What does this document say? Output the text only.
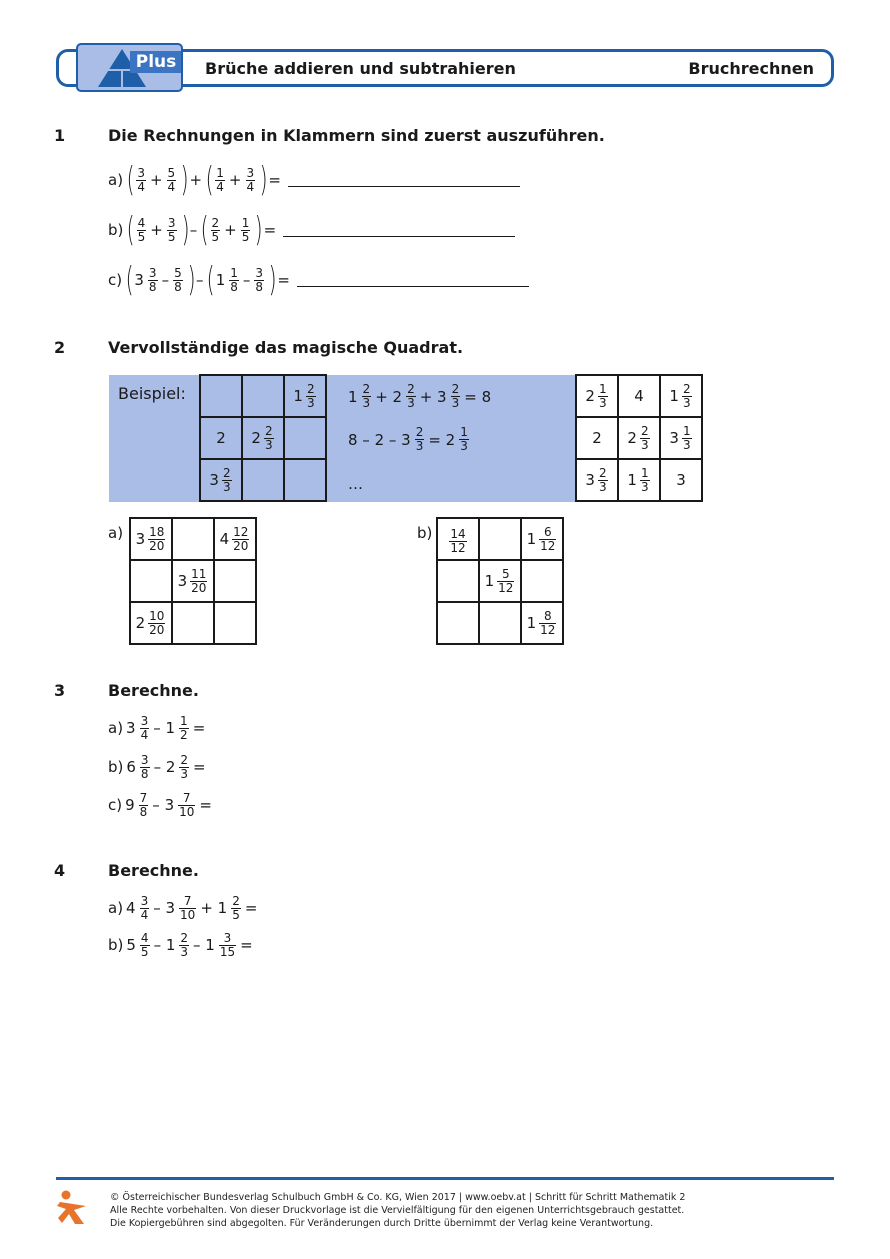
Plus	Brüche addieren und subtrahieren	Bruchrechnen
1	Die Rechnungen in Klammern sind zuerst auszuführen.
a) ( $\frac{3}{4} + \frac{5}{4}$ ) + ( $\frac{1}{4} + \frac{3}{4}$ ) =
b) ( $\frac{4}{5} + \frac{3}{5}$ ) – ( $\frac{2}{5} + \frac{1}{5}$ ) =
c) ( $3 \frac{3}{8} - \frac{5}{8}$ ) – ( $1 \frac{1}{8} - \frac{3}{8}$ ) =
2	Vervollständige das magische Quadrat.
Beispiel:
			$1 \frac{2}{3}$

2	$2 \frac{2}{3}$

$3 \frac{2}{3}$

$1 \frac{2}{3} + 2 \frac{2}{3} + 3 \frac{2}{3} = 8$
$8 - 2 - 3 \frac{2}{3} = 2 \frac{1}{3}$
…
$2 \frac{1}{3}$	4	$1 \frac{2}{3}$

2	$2 \frac{2}{3}$	$3 \frac{1}{3}$

$3 \frac{2}{3}$	$1 \frac{1}{3}$	3
a) $3 \frac{18}{20}$		$4 \frac{12}{20}$

	$3 \frac{11}{20}$

$2 \frac{10}{20}$

$b) \frac{14}{12}$		$1 \frac{6}{12}$

	$1 \frac{5}{12}$

		$1 \frac{8}{12}$
3	Berechne.
a) $3 \frac{3}{4} - 1 \frac{1}{2}$ =
b) $6 \frac{3}{8} - 2 \frac{2}{3}$ =
c) $9 \frac{7}{8} - 3 \frac{7}{10}$ =
4	Berechne.
a) $4 \frac{3}{4} - 3 \frac{7}{10} + 1 \frac{2}{5}$ =
b) $5 \frac{4}{5} - 1 \frac{2}{3} - 1 \frac{3}{15}$ =
© Österreichischer Bundesverlag Schulbuch GmbH & Co. KG, Wien 2017 | www.oebv.at | Schritt für Schritt Mathematik 2
Alle Rechte vorbehalten. Von dieser Druckvorlage ist die Vervielfältigung für den eigenen Unterrichtsgebrauch gestattet.
Die Kopiergebühren sind abgegolten. Für Veränderungen durch Dritte übernimmt der Verlag keine Verantwortung.
